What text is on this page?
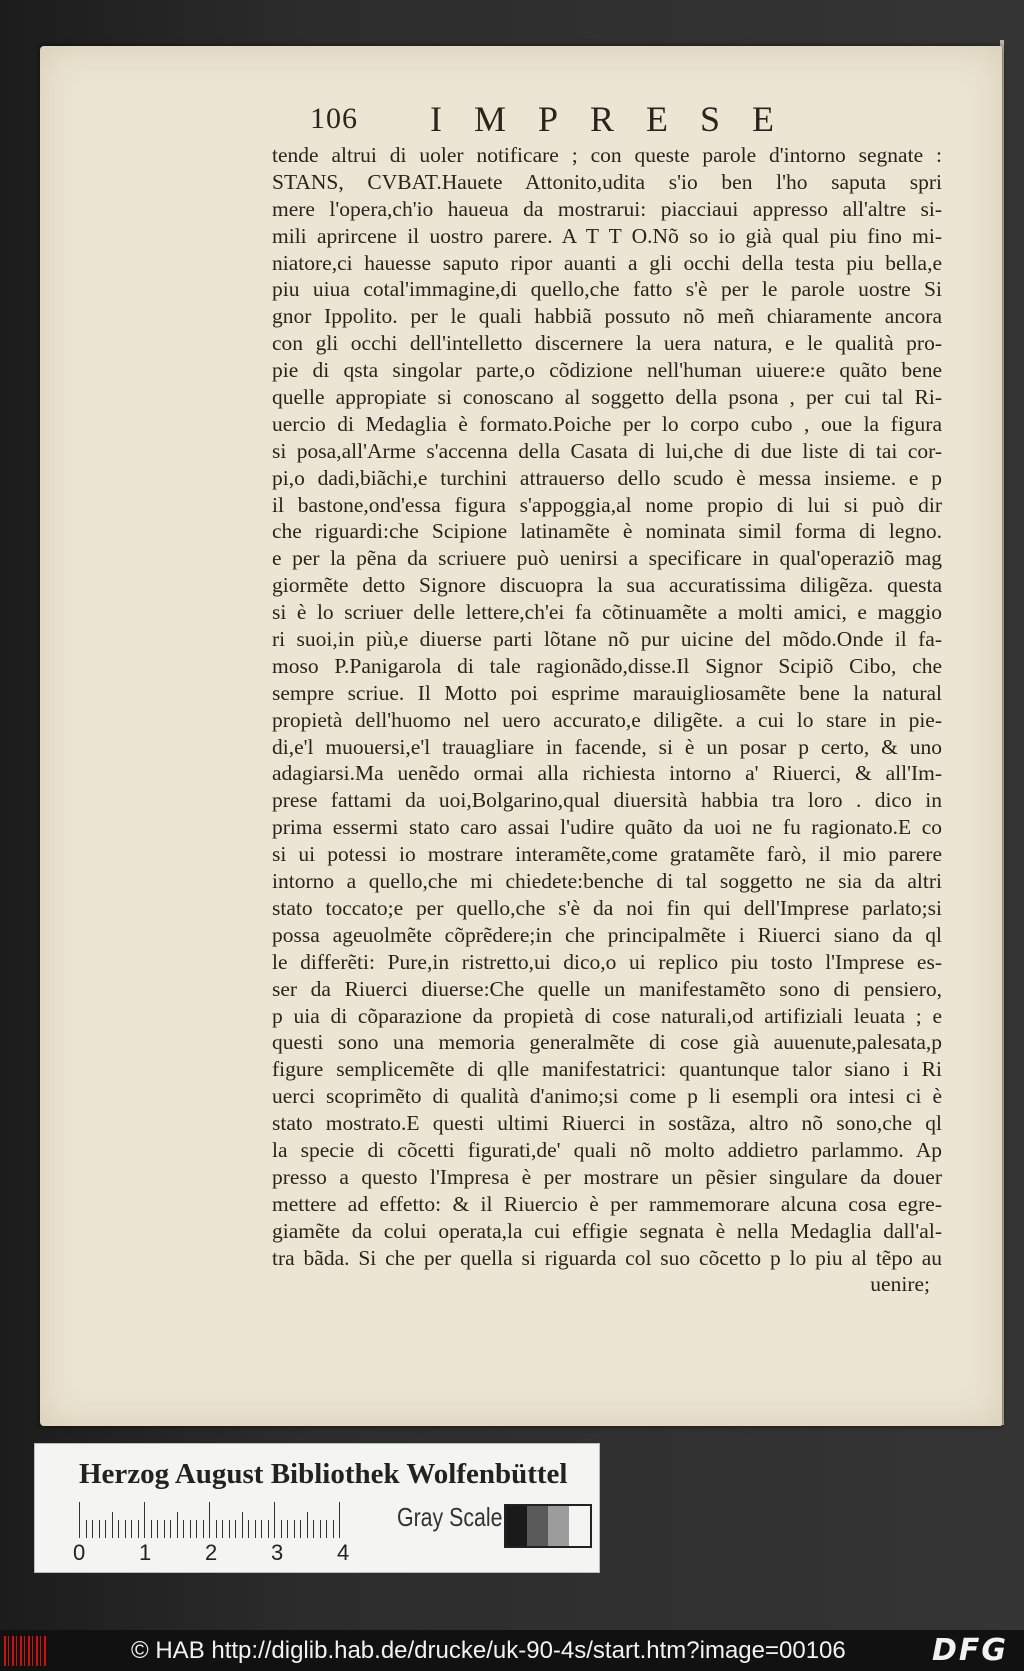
106 IMPRESE
tende altrui di uoler notificare ; con queste parole d'intorno segnate :
STANS, CVBAT.Hauete Attonito,udita s'io ben l'ho saputa spri
mere l'opera,ch'io haueua da mostrarui: piacciaui appresso all'altre si-
mili aprircene il uostro parere. A T T O.Nõ so io già qual piu fino mi-
niatore,ci hauesse saputo ripor auanti a gli occhi della testa piu bella,e
piu uiua cotal'immagine,di quello,che fatto s'è per le parole uostre Si
gnor Ippolito. per le quali habbiã possuto nõ meñ chiaramente ancora
con gli occhi dell'intelletto discernere la uera natura, e le qualità pro-
pie di qsta singolar parte,o cõdizione nell'human uiuere:e quãto bene
quelle appropiate si conoscano al soggetto della psona , per cui tal Ri-
uercio di Medaglia è formato.Poiche per lo corpo cubo , oue la figura
si posa,all'Arme s'accenna della Casata di lui,che di due liste di tai cor-
pi,o dadi,biãchi,e turchini attrauerso dello scudo è messa insieme. e p
il bastone,ond'essa figura s'appoggia,al nome propio di lui si può dir
che riguardi:che Scipione latinamẽte è nominata simil forma di legno.
e per la pẽna da scriuere può uenirsi a specificare in qual'operaziõ mag
giormẽte detto Signore discuopra la sua accuratissima diligẽza. questa
si è lo scriuer delle lettere,ch'ei fa cõtinuamẽte a molti amici, e maggio
ri suoi,in più,e diuerse parti lõtane nõ pur uicine del mõdo.Onde il fa-
moso P.Panigarola di tale ragionãdo,disse.Il Signor Scipiõ Cibo, che
sempre scriue. Il Motto poi esprime marauigliosamẽte bene la natural
propietà dell'huomo nel uero accurato,e diligẽte. a cui lo stare in pie-
di,e'l muouersi,e'l trauagliare in facende, si è un posar p certo, & uno
adagiarsi.Ma uenẽdo ormai alla richiesta intorno a' Riuerci, & all'Im-
prese fattami da uoi,Bolgarino,qual diuersità habbia tra loro . dico in
prima essermi stato caro assai l'udire quãto da uoi ne fu ragionato.E co
si ui potessi io mostrare interamẽte,come gratamẽte farò, il mio parere
intorno a quello,che mi chiedete:benche di tal soggetto ne sia da altri
stato toccato;e per quello,che s'è da noi fin qui dell'Imprese parlato;si
possa ageuolmẽte cõprẽdere;in che principalmẽte i Riuerci siano da ql
le differẽti: Pure,in ristretto,ui dico,o ui replico piu tosto l'Imprese es-
ser da Riuerci diuerse:Che quelle un manifestamẽto sono di pensiero,
p uia di cõparazione da propietà di cose naturali,od artifiziali leuata ; e
questi sono una memoria generalmẽte di cose già auuenute,palesata,p
figure semplicemẽte di qlle manifestatrici: quantunque talor siano i Ri
uerci scoprimẽto di qualità d'animo;si come p li esempli ora intesi ci è
stato mostrato.E questi ultimi Riuerci in sostãza, altro nõ sono,che ql
la specie di cõcetti figurati,de' quali nõ molto addietro parlammo. Ap
presso a questo l'Impresa è per mostrare un pẽsier singulare da douer
mettere ad effetto: & il Riuercio è per rammemorare alcuna cosa egre-
giamẽte da colui operata,la cui effigie segnata è nella Medaglia dall'al-
tra bãda. Si che per quella si riguarda col suo cõcetto p lo piu al tẽpo au
uenire;
Herzog August Bibliothek Wolfenbüttel
Gray Scale
0 1 2 3 4
© HAB http://diglib.hab.de/drucke/uk-90-4s/start.htm?image=00106	DFG
